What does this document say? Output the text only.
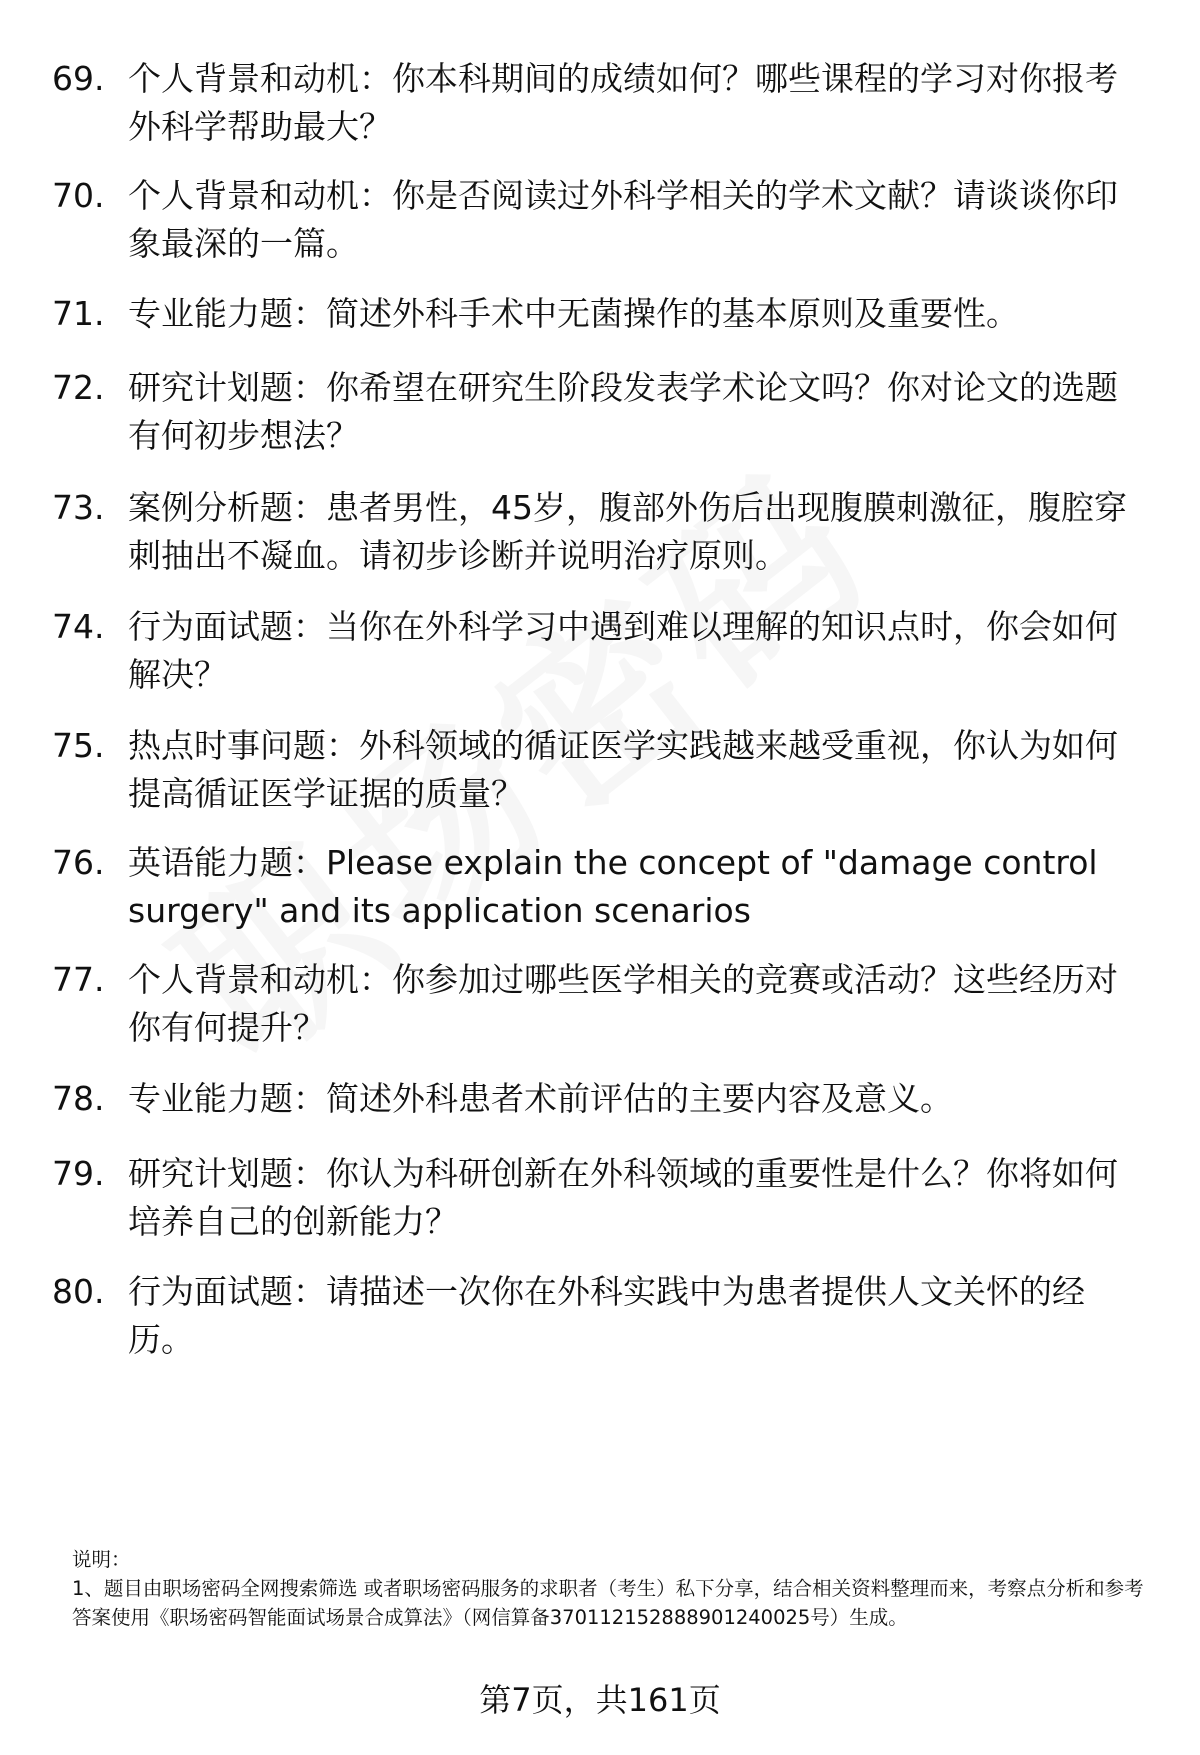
69. 个人背景和动机：你本科期间的成绩如何？哪些课程的学习对你报考外科学帮助最大？
70. 个人背景和动机：你是否阅读过外科学相关的学术文献？请谈谈你印象最深的一篇。
71. 专业能力题：简述外科手术中无菌操作的基本原则及重要性。
72. 研究计划题：你希望在研究生阶段发表学术论文吗？你对论文的选题有何初步想法？
73. 案例分析题：患者男性，45岁，腹部外伤后出现腹膜刺激征，腹腔穿刺抽出不凝血。请初步诊断并说明治疗原则。
74. 行为面试题：当你在外科学习中遇到难以理解的知识点时，你会如何解决？
75. 热点时事问题：外科领域的循证医学实践越来越受重视，你认为如何提高循证医学证据的质量？
76. 英语能力题：Please explain the concept of "damage control surgery" and its application scenarios
77. 个人背景和动机：你参加过哪些医学相关的竞赛或活动？这些经历对你有何提升？
78. 专业能力题：简述外科患者术前评估的主要内容及意义。
79. 研究计划题：你认为科研创新在外科领域的重要性是什么？你将如何培养自己的创新能力？
80. 行为面试题：请描述一次你在外科实践中为患者提供人文关怀的经历。
说明：
1、题目由职场密码全网搜索筛选 或者职场密码服务的求职者（考生）私下分享，结合相关资料整理而来，考察点分析和参考答案使用《职场密码智能面试场景合成算法》（网信算备370112152888901240025号）生成。
第7页，共161页
